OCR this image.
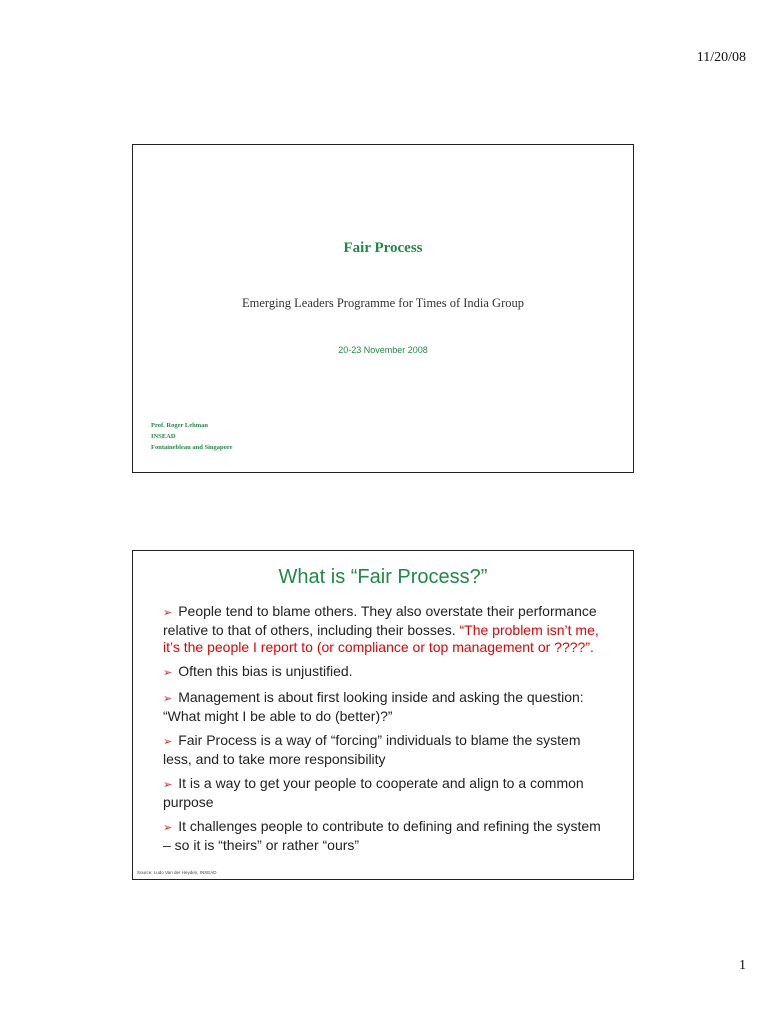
11/20/08
Fair Process
Emerging Leaders Programme for Times of India Group
20-23 November 2008
Prof. Roger Lehman
INSEAD
Fontainebleau and Singapore
What is “Fair Process?”
➢ People tend to blame others. They also overstate their performance relative to that of others, including their bosses. “The problem isn’t me, it’s the people I report to (or compliance or top management or ????”.
➢ Often this bias is unjustified.
➢ Management is about first looking inside and asking the question: “What might I be able to do (better)?”
➢ Fair Process is a way of “forcing” individuals to blame the system less, and to take more responsibility
➢ It is a way to get your people to cooperate and align to a common purpose
➢ It challenges people to contribute to defining and refining the system – so it is “theirs” or rather “ours”
Source: Ludo Van der Heyden, INSEAD
1
